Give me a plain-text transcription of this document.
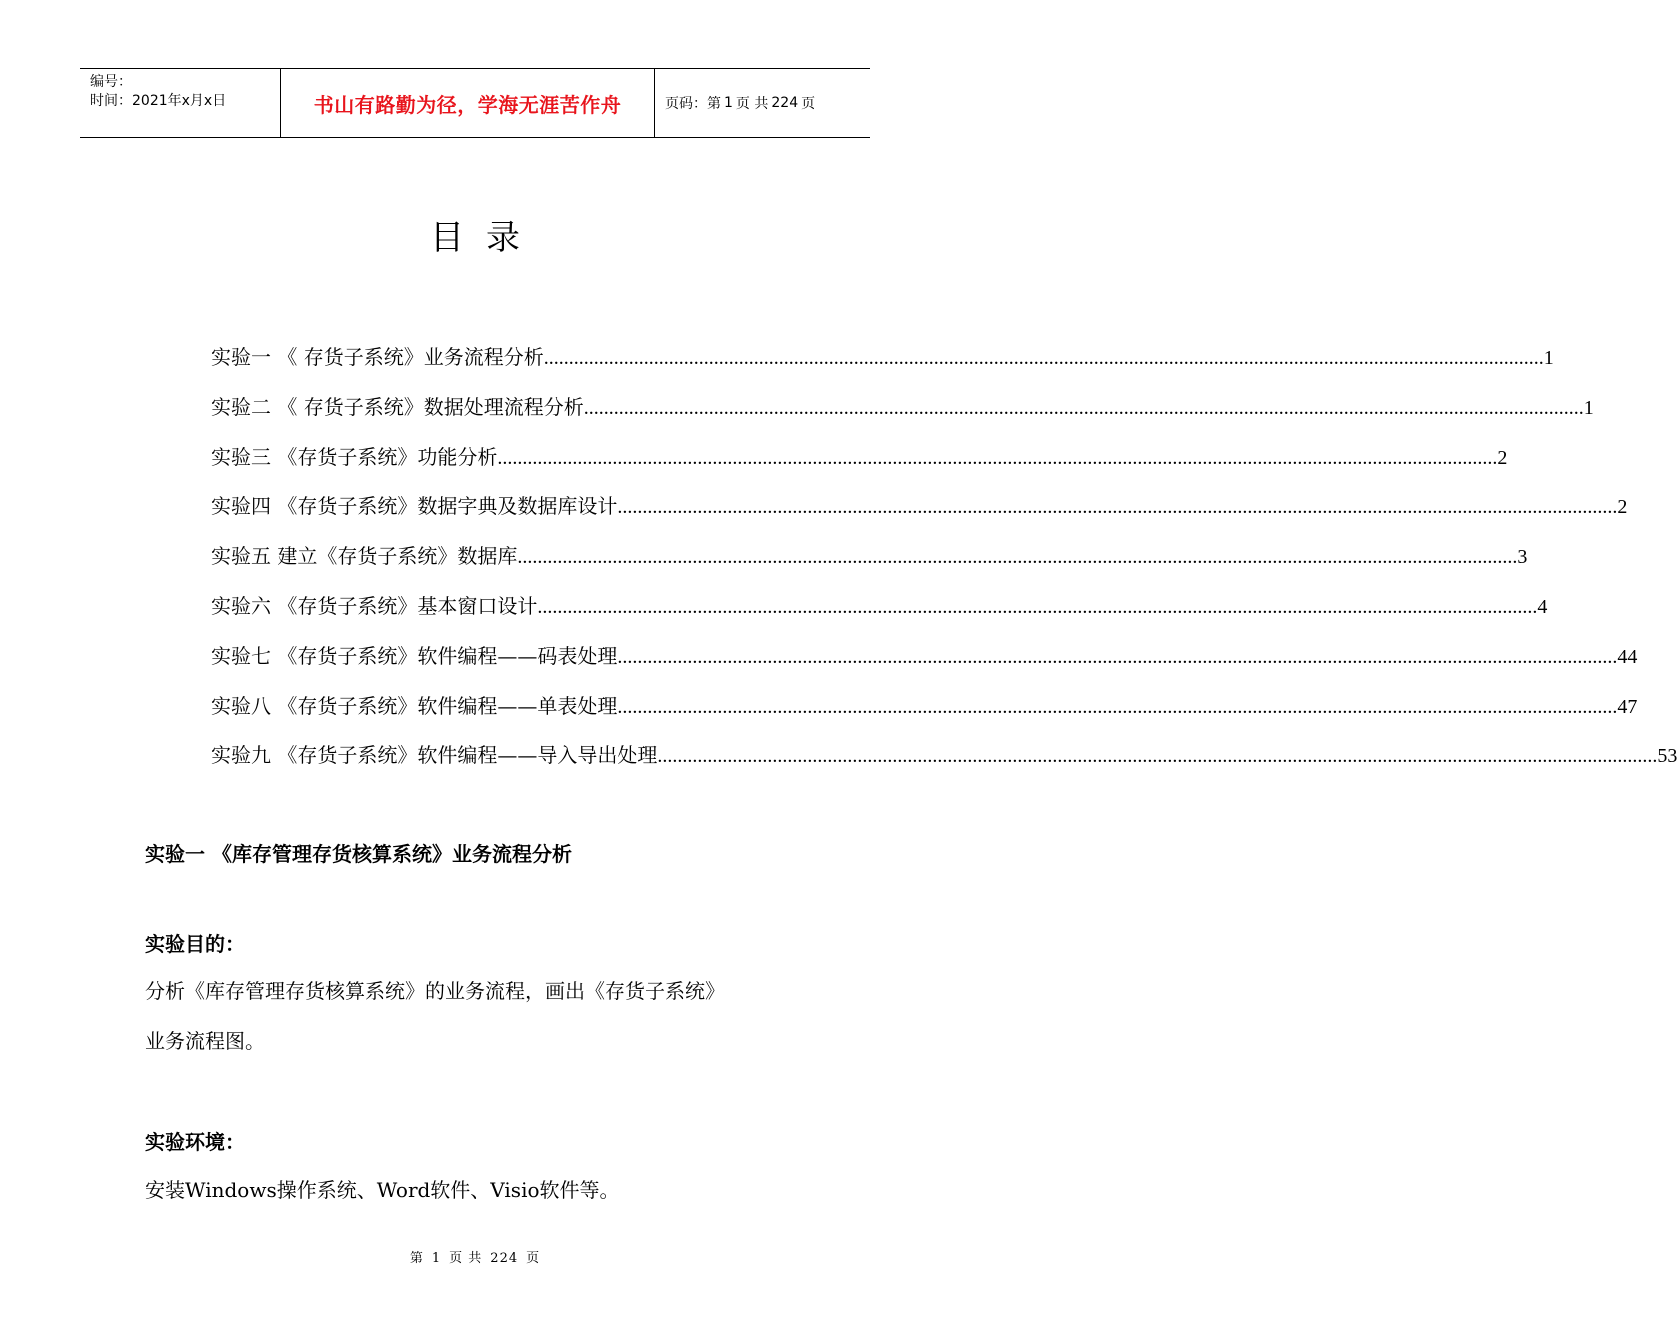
编号：
时间：2021年x月x日	书山有路勤为径，学海无涯苦作舟	页码：第 1 页 共 224 页
目录
实验一 《 存货子系统》业务流程分析 ........................................................................................................................................................................................................ 1
实验二 《 存货子系统》数据处理流程分析 ........................................................................................................................................................................................................ 1
实验三 《存货子系统》功能分析 ........................................................................................................................................................................................................ 2
实验四 《存货子系统》数据字典及数据库设计 ........................................................................................................................................................................................................ 2
实验五 建立《存货子系统》数据库 ........................................................................................................................................................................................................ 3
实验六 《存货子系统》基本窗口设计 ........................................................................................................................................................................................................ 4
实验七 《存货子系统》软件编程——码表处理 ........................................................................................................................................................................................................ 44
实验八 《存货子系统》软件编程——单表处理 ........................................................................................................................................................................................................ 47
实验九 《存货子系统》软件编程——导入导出处理 ........................................................................................................................................................................................................ 53
实验一 《库存管理存货核算系统》业务流程分析
实验目的：
分析《库存管理存货核算系统》的业务流程，画出《存货子系统》
业务流程图。
实验环境：
安装Windows操作系统、Word软件、Visio软件等。
第 1 页 共 224 页
